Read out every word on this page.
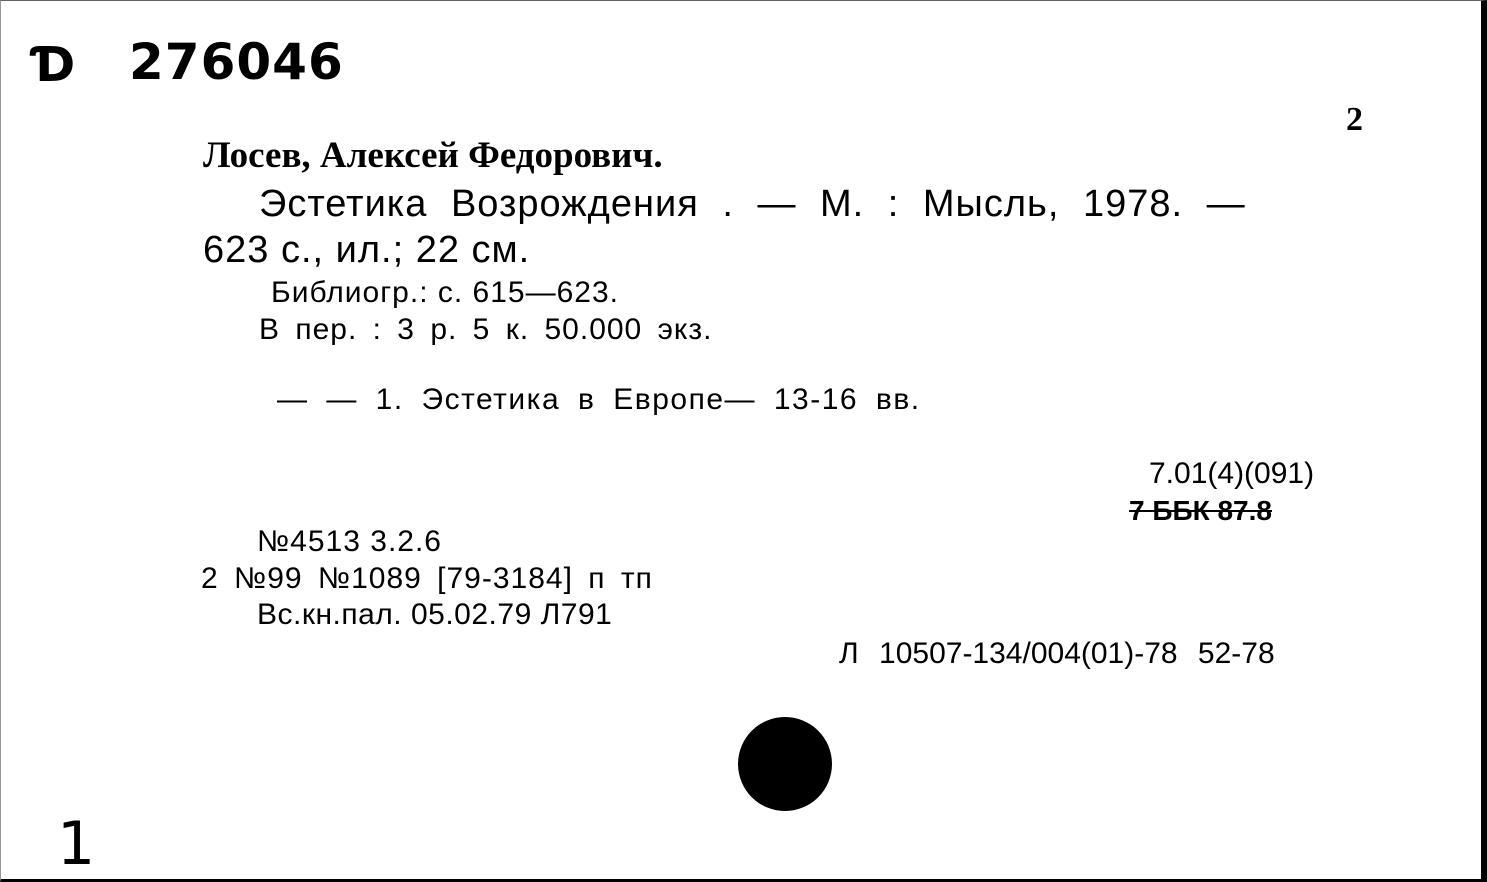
Ɗ 276046
2
Лосев, Алексей Федорович.
Эстетика Возрождения . — М. : Мысль, 1978. —
623 с., ил.; 22 см.
Библиогр.: с. 615—623.
В пер. : 3 р. 5 к. 50.000 экз.
— — 1. Эстетика в Европе— 13-16 вв.
7.01(4)(091)
7 ББК 87.8
№4513 3.2.6
2 №99 №1089 [79-3184] п тп
Вс.кн.пал. 05.02.79 Л791
Л 10507-134/004(01)-78 52-78
1
